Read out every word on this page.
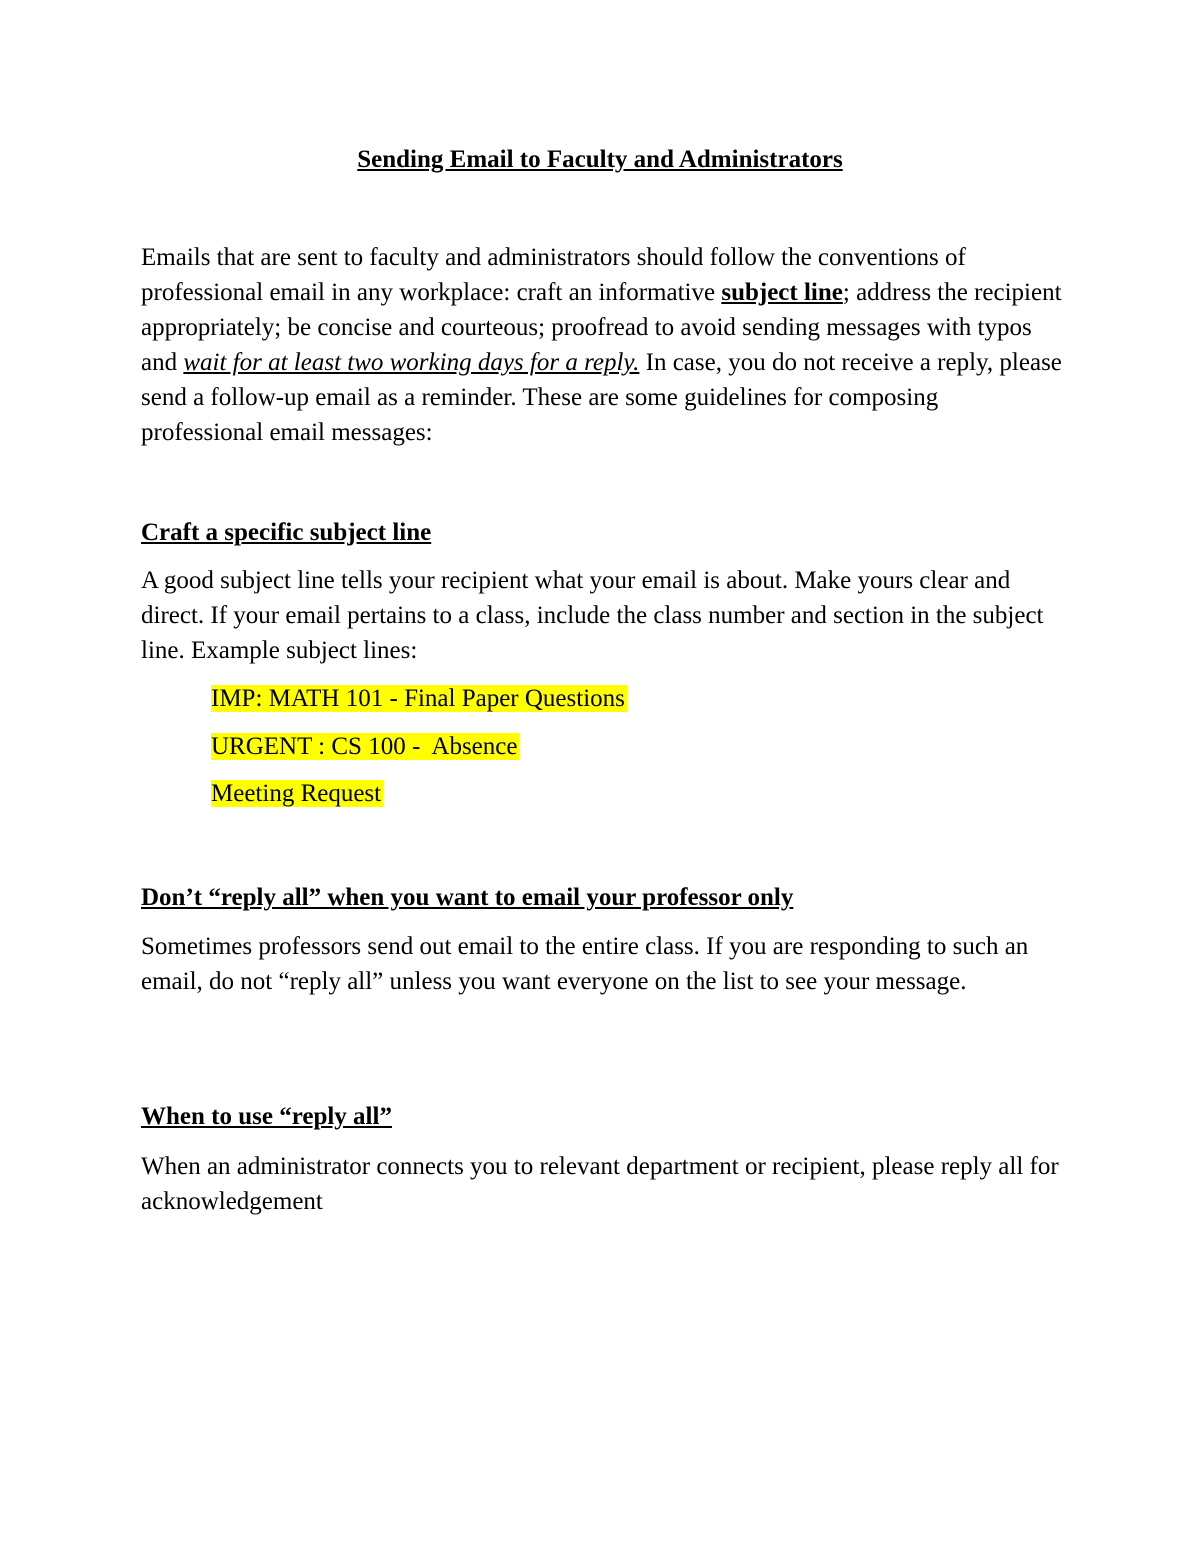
Sending Email to Faculty and Administrators

Emails that are sent to faculty and administrators should follow the conventions of professional email in any workplace: craft an informative subject line; address the recipient appropriately; be concise and courteous; proofread to avoid sending messages with typos and wait for at least two working days for a reply. In case, you do not receive a reply, please send a follow-up email as a reminder. These are some guidelines for composing professional email messages:

Craft a specific subject line

A good subject line tells your recipient what your email is about. Make yours clear and direct. If your email pertains to a class, include the class number and section in the subject line. Example subject lines:

IMP: MATH 101 - Final Paper Questions

URGENT : CS 100 -  Absence

Meeting Request

Don’t “reply all” when you want to email your professor only

Sometimes professors send out email to the entire class. If you are responding to such an email, do not “reply all” unless you want everyone on the list to see your message.

When to use “reply all”

When an administrator connects you to relevant department or recipient, please reply all for acknowledgement
